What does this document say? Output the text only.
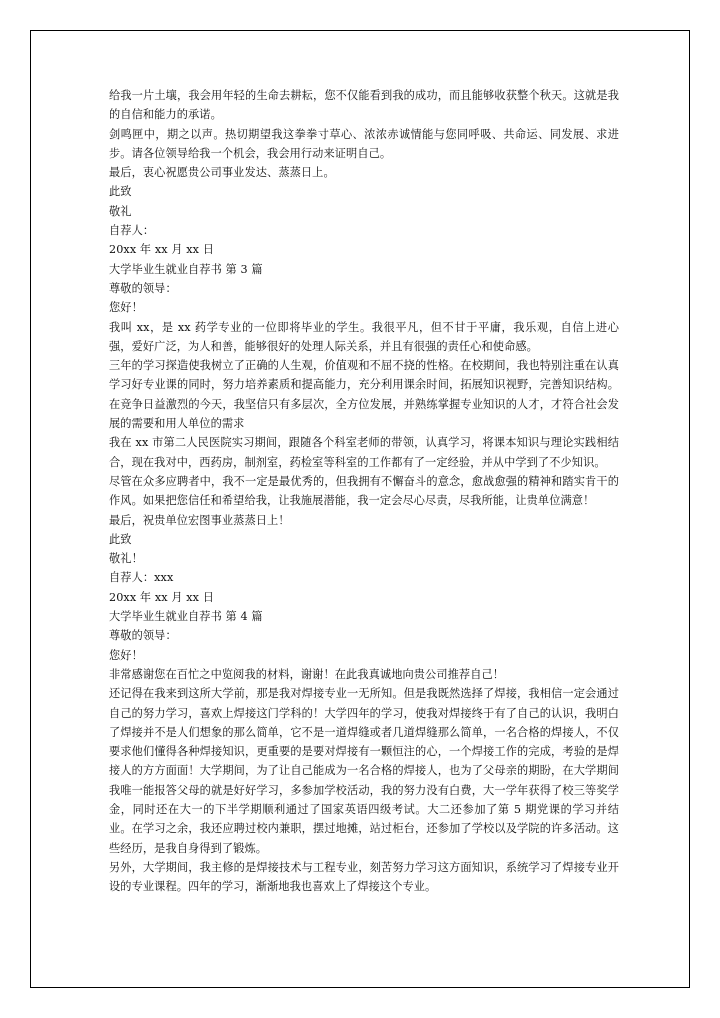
给我一片土壤，我会用年轻的生命去耕耘，您不仅能看到我的成功，而且能够收获整个秋天。这就是我的自信和能力的承诺。

剑鸣匣中，期之以声。热切期望我这拳拳寸草心、浓浓赤诚情能与您同呼吸、共命运、同发展、求进步。请各位领导给我一个机会，我会用行动来证明自己。

最后，衷心祝愿贵公司事业发达、蒸蒸日上。

此致

敬礼

自荐人：

20xx 年 xx 月 xx 日

大学毕业生就业自荐书 第 3 篇

尊敬的领导：

您好！

我叫 xx，是 xx 药学专业的一位即将毕业的学生。我很平凡，但不甘于平庸，我乐观，自信上进心强，爱好广泛，为人和善，能够很好的处理人际关系，并且有很强的责任心和使命感。

三年的学习探造使我树立了正确的人生观，价值观和不屈不挠的性格。在校期间，我也特别注重在认真学习好专业课的同时，努力培养素质和提高能力，充分利用课余时间，拓展知识视野，完善知识结构。在竞争日益激烈的今天，我坚信只有多层次，全方位发展，并熟练掌握专业知识的人才，才符合社会发展的需要和用人单位的需求

我在 xx 市第二人民医院实习期间，跟随各个科室老师的带领，认真学习，将课本知识与理论实践相结合，现在我对中，西药房，制剂室，药检室等科室的工作都有了一定经验，并从中学到了不少知识。

尽管在众多应聘者中，我不一定是最优秀的，但我拥有不懈奋斗的意念，愈战愈强的精神和踏实肯干的作风。如果把您信任和希望给我，让我施展潜能，我一定会尽心尽责，尽我所能，让贵单位满意！

最后，祝贵单位宏图事业蒸蒸日上！

此致

敬礼！

自荐人：xxx

20xx 年 xx 月 xx 日

大学毕业生就业自荐书 第 4 篇

尊敬的领导：

您好！

非常感谢您在百忙之中览阅我的材料，谢谢！在此我真诚地向贵公司推荐自己！

还记得在我来到这所大学前，那是我对焊接专业一无所知。但是我既然选择了焊接，我相信一定会通过自己的努力学习，喜欢上焊接这门学科的！大学四年的学习，使我对焊接终于有了自己的认识，我明白了焊接并不是人们想象的那么简单，它不是一道焊缝或者几道焊缝那么简单，一名合格的焊接人，不仅要求他们懂得各种焊接知识，更重要的是要对焊接有一颗恒注的心，一个焊接工作的完成，考验的是焊接人的方方面面！大学期间，为了让自己能成为一名合格的焊接人，也为了父母亲的期盼，在大学期间我唯一能报答父母的就是好好学习，多参加学校活动，我的努力没有白费，大一学年获得了校三等奖学金，同时还在大一的下半学期顺利通过了国家英语四级考试。大二还参加了第 5 期党课的学习并结业。在学习之余，我还应聘过校内兼职，摆过地摊，站过柜台，还参加了学校以及学院的许多活动。这些经历，是我自身得到了锻炼。

另外，大学期间，我主修的是焊接技术与工程专业，刻苦努力学习这方面知识，系统学习了焊接专业开设的专业课程。四年的学习，渐渐地我也喜欢上了焊接这个专业。
